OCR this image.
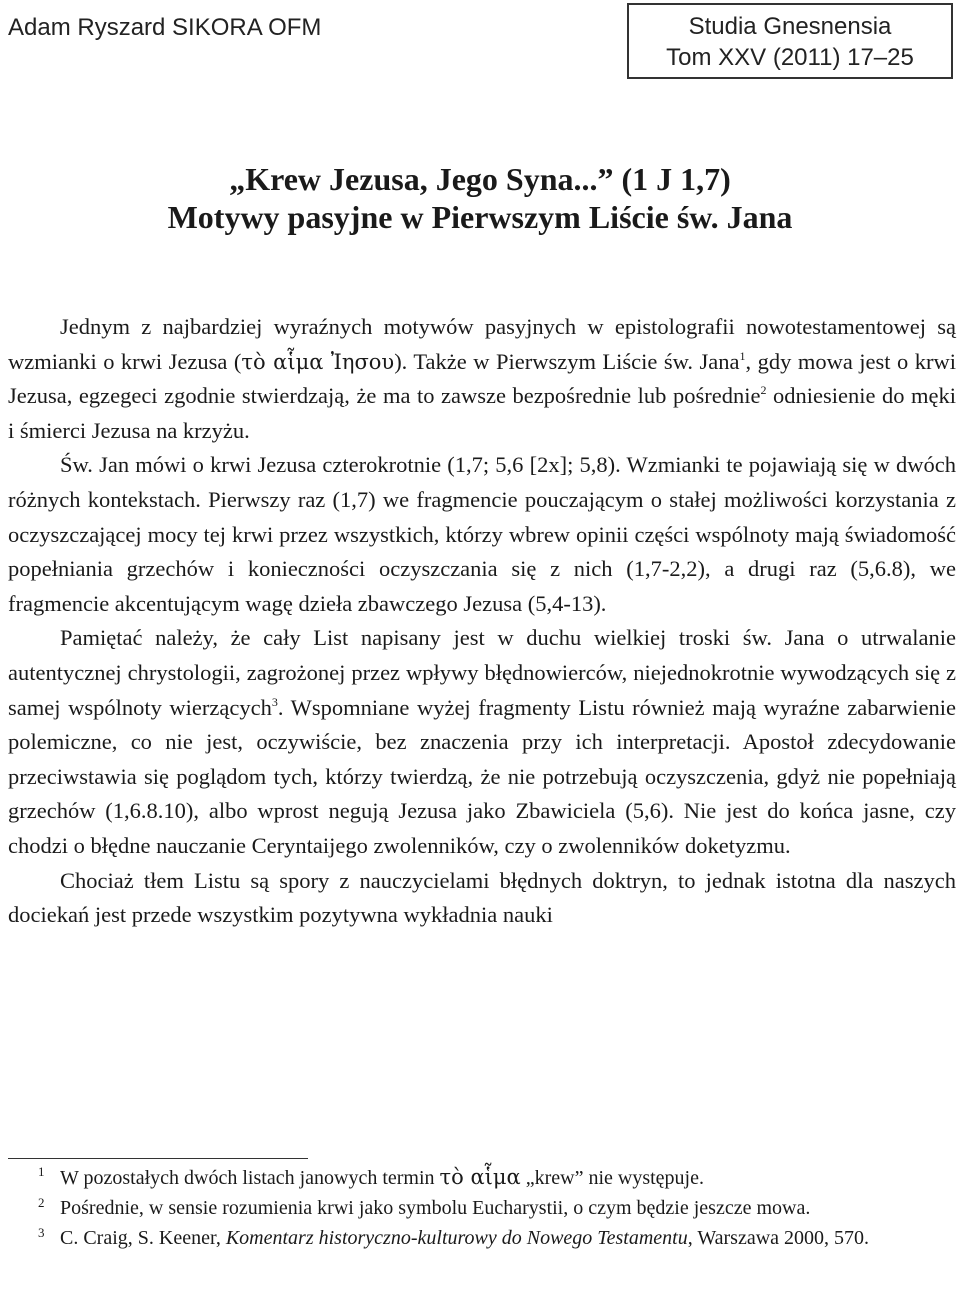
Adam Ryszard SIKORA OFM	Studia Gnesnensia
Tom XXV (2011) 17–25
„Krew Jezusa, Jego Syna...” (1 J 1,7)
Motywy pasyjne w Pierwszym Liście św. Jana

Jednym z najbardziej wyraźnych motywów pasyjnych w epistolografii nowotestamentowej są wzmianki o krwi Jezusa (τὸ αἷμα Ἰησου). Także w Pierwszym Liście św. Jana$^1$, gdy mowa jest o krwi Jezusa, egzegeci zgodnie stwierdzają, że ma to zawsze bezpośrednie lub pośrednie$^2$ odniesienie do męki i śmierci Jezusa na krzyżu.

Św. Jan mówi o krwi Jezusa czterokrotnie (1,7; 5,6 [2x]; 5,8). Wzmianki te pojawiają się w dwóch różnych kontekstach. Pierwszy raz (1,7) we fragmencie pouczającym o stałej możliwości korzystania z oczyszczającej mocy tej krwi przez wszystkich, którzy wbrew opinii części wspólnoty mają świadomość popełniania grzechów i konieczności oczyszczania się z nich (1,7-2,2), a drugi raz (5,6.8), we fragmencie akcentującym wagę dzieła zbawczego Jezusa (5,4-13).

Pamiętać należy, że cały List napisany jest w duchu wielkiej troski św. Jana o utrwalanie autentycznej chrystologii, zagrożonej przez wpływy błędnowierców, niejednokrotnie wywodzących się z samej wspólnoty wierzących$^3$. Wspomniane wyżej fragmenty Listu również mają wyraźne zabarwienie polemiczne, co nie jest, oczywiście, bez znaczenia przy ich interpretacji. Apostoł zdecydowanie przeciwstawia się poglądom tych, którzy twierdzą, że nie potrzebują oczyszczenia, gdyż nie popełniają grzechów (1,6.8.10), albo wprost negują Jezusa jako Zbawiciela (5,6). Nie jest do końca jasne, czy chodzi o błędne nauczanie Ceryntaijego zwolenników, czy o zwolenników doketyzmu.

Chociaż tłem Listu są spory z nauczycielami błędnych doktryn, to jednak istotna dla naszych dociekań jest przede wszystkim pozytywna wykładnia nauki

$^1$ W pozostałych dwóch listach janowych termin τὸ αἷμα „krew” nie występuje.
$^2$ Pośrednie, w sensie rozumienia krwi jako symbolu Eucharystii, o czym będzie jeszcze mowa.
$^3$ C. Craig, S. Keener, Komentarz historyczno-kulturowy do Nowego Testamentu, Warszawa 2000, 570.
